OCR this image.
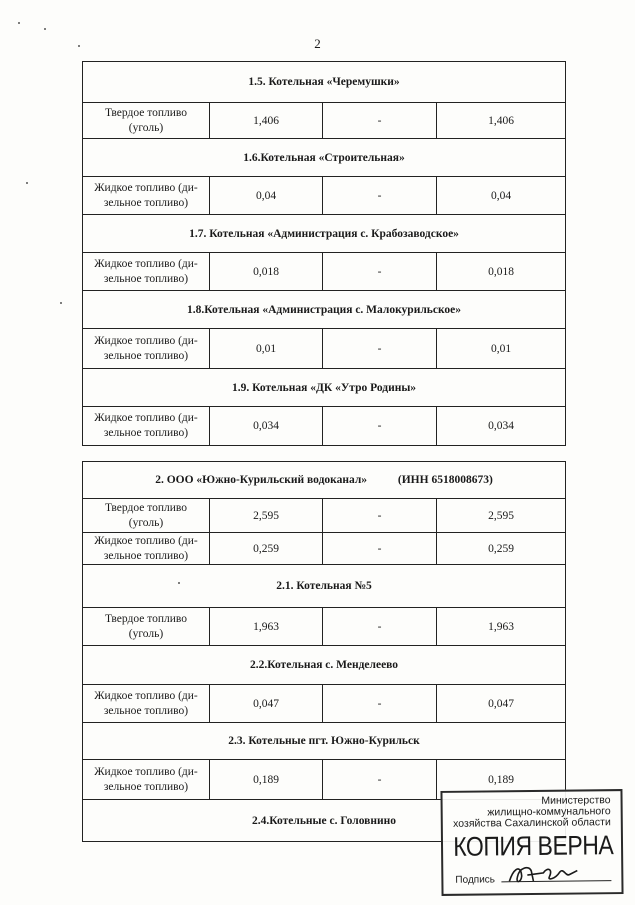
2
1.5. Котельная «Черемушки»			
Твердое топливо
(уголь)	1,406	-	1,406
1.6.Котельная «Строительная»			
Жидкое топливо (ди-
зельное топливо)	0,04	-	0,04
1.7. Котельная «Администрация с. Крабозаводское»			
Жидкое топливо (ди-
зельное топливо)	0,018	-	0,018
1.8.Котельная «Администрация с. Малокурильское»			
Жидкое топливо (ди-
зельное топливо)	0,01	-	0,01
1.9. Котельная «ДК «Утро Родины»			
Жидкое топливо (ди-
зельное топливо)	0,034	-	0,034
2. ООО «Южно-Курильский водоканал» (ИНН 6518008673)			
Твердое топливо
(уголь)	2,595	-	2,595
Жидкое топливо (ди-
зельное топливо)	0,259	-	0,259
2.1. Котельная №5			
Твердое топливо
(уголь)	1,963	-	1,963
2.2.Котельная с. Менделеево			
Жидкое топливо (ди-
зельное топливо)	0,047	-	0,047
2.3. Котельные пгт. Южно-Курильск			
Жидкое топливо (ди-
зельное топливо)	0,189	-	0,189
2.4.Котельные с. Головнино			
Министерство
жилищно-коммунального
хозяйства Сахалинской области
КОПИЯ ВЕРНА
Подпись
